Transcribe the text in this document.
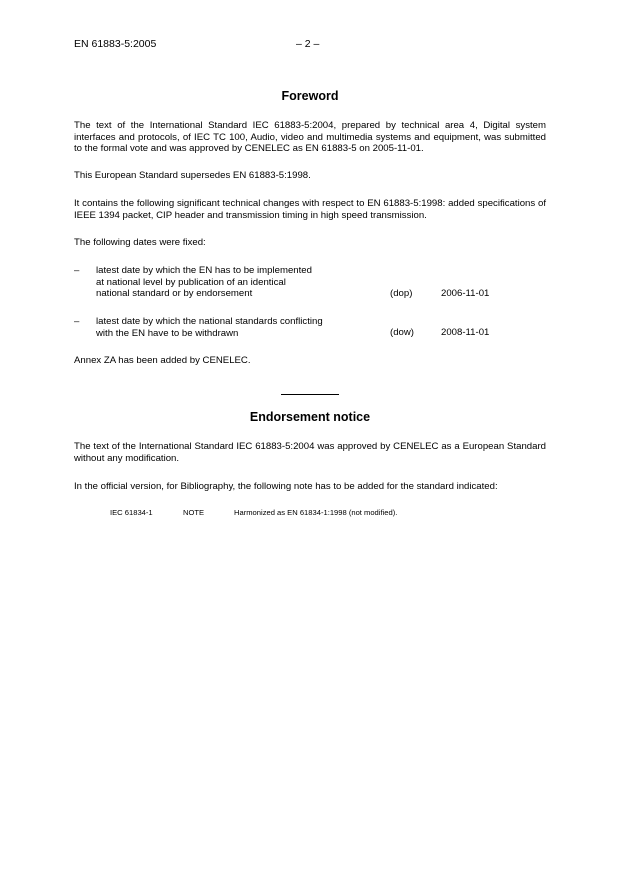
EN 61883-5:2005	– 2 –
Foreword
The text of the International Standard IEC 61883-5:2004, prepared by technical area 4, Digital system interfaces and protocols, of IEC TC 100, Audio, video and multimedia systems and equipment, was submitted to the formal vote and was approved by CENELEC as EN 61883-5 on 2005-11-01.
This European Standard supersedes EN 61883-5:1998.
It contains the following significant technical changes with respect to EN 61883-5:1998: added specifications of IEEE 1394 packet, CIP header and transmission timing in high speed transmission.
The following dates were fixed:
– latest date by which the EN has to be implemented
at national level by publication of an identical
national standard or by endorsement	(dop)	2006-11-01
– latest date by which the national standards conflicting
with the EN have to be withdrawn	(dow)	2008-11-01
Annex ZA has been added by CENELEC.
Endorsement notice
The text of the International Standard IEC 61883-5:2004 was approved by CENELEC as a European Standard without any modification.
In the official version, for Bibliography, the following note has to be added for the standard indicated:
IEC 61834-1	NOTE	Harmonized as EN 61834-1:1998 (not modified).
